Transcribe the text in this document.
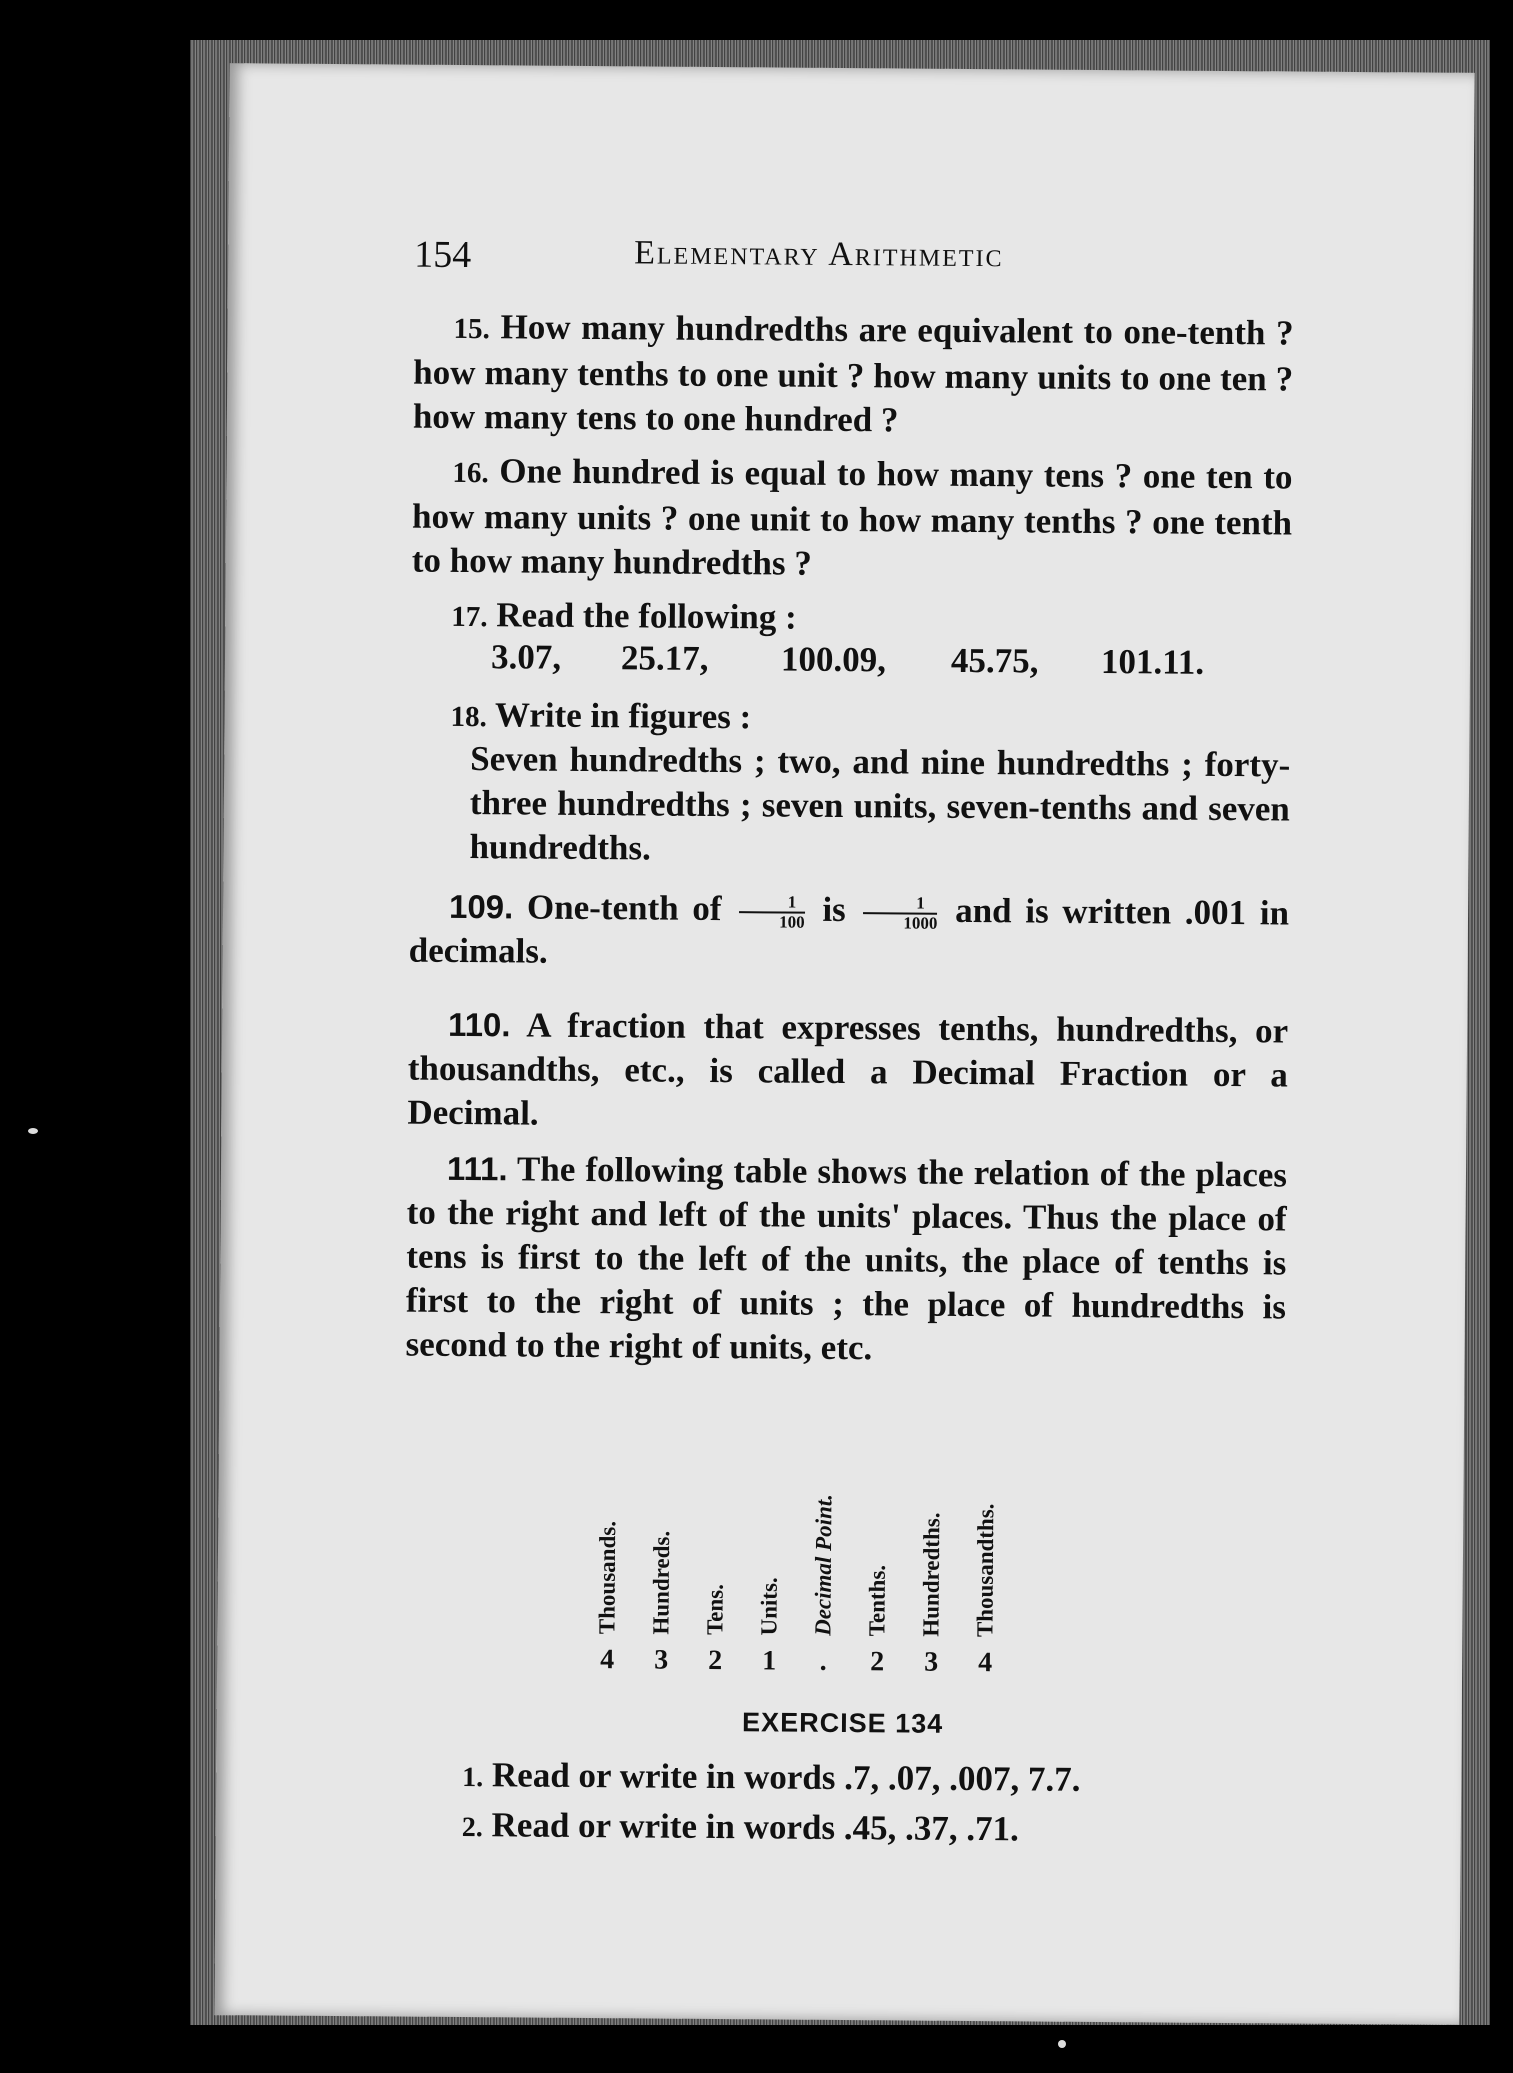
154	Elementary Arithmetic
15. How many hundredths are equivalent to one-tenth ? how many tenths to one unit ? how many units to one ten ? how many tens to one hundred ?
16. One hundred is equal to how many tens ? one ten to how many units ? one unit to how many tenths ? one tenth to how many hundredths ?
17. Read the following :
3.07, 25.17, 100.09, 45.75, 101.11.
18. Write in figures :
Seven hundredths ; two, and nine hundredths ; forty-three hundredths ; seven units, seven-tenths and seven hundredths.
109. One-tenth of $\frac{1}{100}$ is $\frac{1}{1000}$ and is written .001 in decimals.
110. A fraction that expresses tenths, hundredths, or thousandths, etc., is called a Decimal Fraction or a Decimal.
111. The following table shows the relation of the places to the right and left of the units' places. Thus the place of tens is first to the left of the units, the place of tenths is first to the right of units ; the place of hundredths is second to the right of units, etc.
Thousands.
4
Hundreds.
3
Tens.
2
Units.
1
Decimal Point.
.
Tenths.
2
Hundredths.
3
Thousandths.
4
EXERCISE 134
1. Read or write in words .7, .07, .007, 7.7.
2. Read or write in words .45, .37, .71.
